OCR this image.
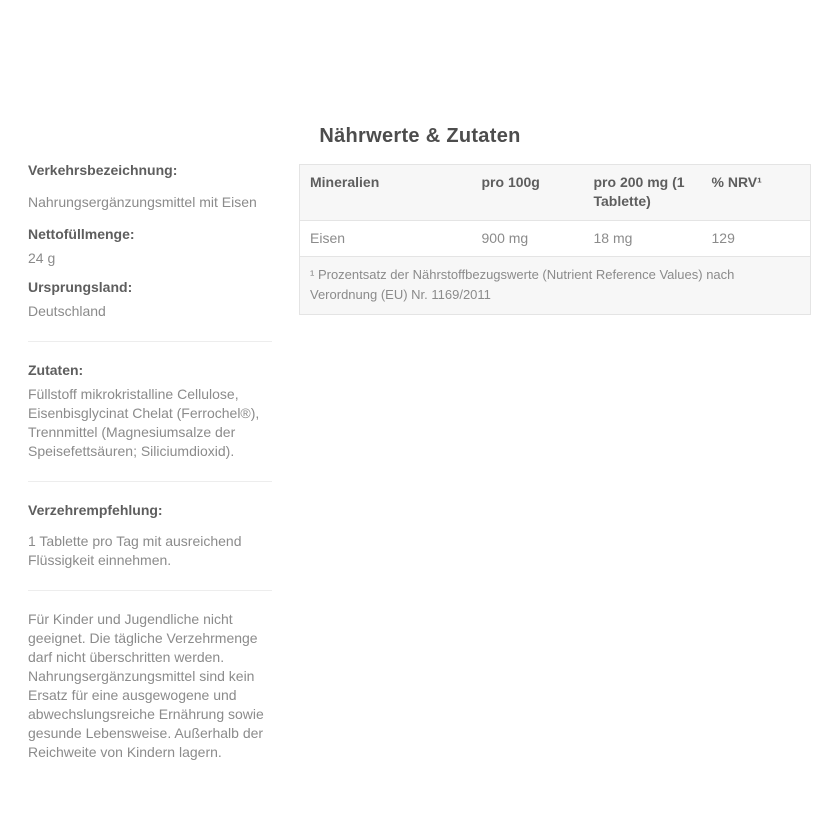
Nährwerte & Zutaten

Verkehrsbezeichnung:

Nahrungsergänzungsmittel mit Eisen

Nettofüllmenge:

24 g

Ursprungsland:

Deutschland

Zutaten:

Füllstoff mikrokristalline Cellulose, Eisenbisglycinat Chelat (Ferrochel®), Trennmittel (Magnesiumsalze der Speisefettsäuren; Siliciumdioxid).

Verzehrempfehlung:

1 Tablette pro Tag mit ausreichend Flüssigkeit einnehmen.

Für Kinder und Jugendliche nicht geeignet. Die tägliche Verzehrmenge darf nicht überschritten werden. Nahrungsergänzungsmittel sind kein Ersatz für eine ausgewogene und abwechslungsreiche Ernährung sowie gesunde Lebensweise. Außerhalb der Reichweite von Kindern lagern.

Mineralien	pro 100g	pro 200 mg (1 Tablette)	% NRV¹
Eisen	900 mg	18 mg	129
¹ Prozentsatz der Nährstoffbezugswerte (Nutrient Reference Values) nach Verordnung (EU) Nr. 1169/2011			
